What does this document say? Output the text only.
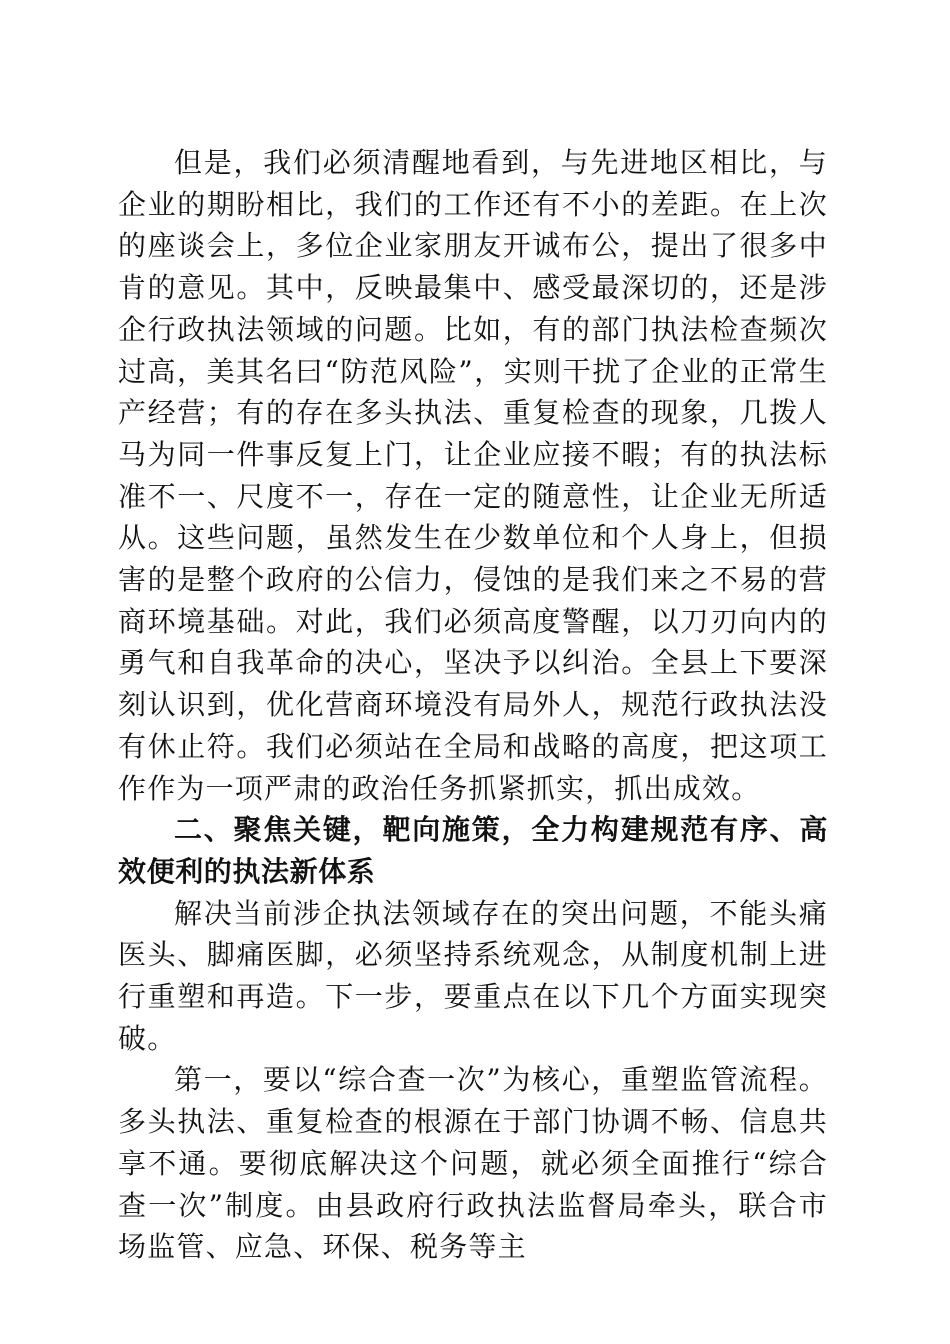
但是，我们必须清醒地看到，与先进地区相比，与企业的期盼相比，我们的工作还有不小的差距。在上次的座谈会上，多位企业家朋友开诚布公，提出了很多中肯的意见。其中，反映最集中、感受最深切的，还是涉企行政执法领域的问题。比如，有的部门执法检查频次过高，美其名曰“防范风险”，实则干扰了企业的正常生产经营；有的存在多头执法、重复检查的现象，几拨人马为同一件事反复上门，让企业应接不暇；有的执法标准不一、尺度不一，存在一定的随意性，让企业无所适从。这些问题，虽然发生在少数单位和个人身上，但损害的是整个政府的公信力，侵蚀的是我们来之不易的营商环境基础。对此，我们必须高度警醒，以刀刃向内的勇气和自我革命的决心，坚决予以纠治。全县上下要深刻认识到，优化营商环境没有局外人，规范行政执法没有休止符。我们必须站在全局和战略的高度，把这项工作作为一项严肃的政治任务抓紧抓实，抓出成效。

二、聚焦关键，靶向施策，全力构建规范有序、高效便利的执法新体系

解决当前涉企执法领域存在的突出问题，不能头痛医头、脚痛医脚，必须坚持系统观念，从制度机制上进行重塑和再造。下一步，要重点在以下几个方面实现突破。

第一，要以“综合查一次”为核心，重塑监管流程。多头执法、重复检查的根源在于部门协调不畅、信息共享不通。要彻底解决这个问题，就必须全面推行“综合查一次”制度。由县政府行政执法监督局牵头，联合市场监管、应急、环保、税务等主
